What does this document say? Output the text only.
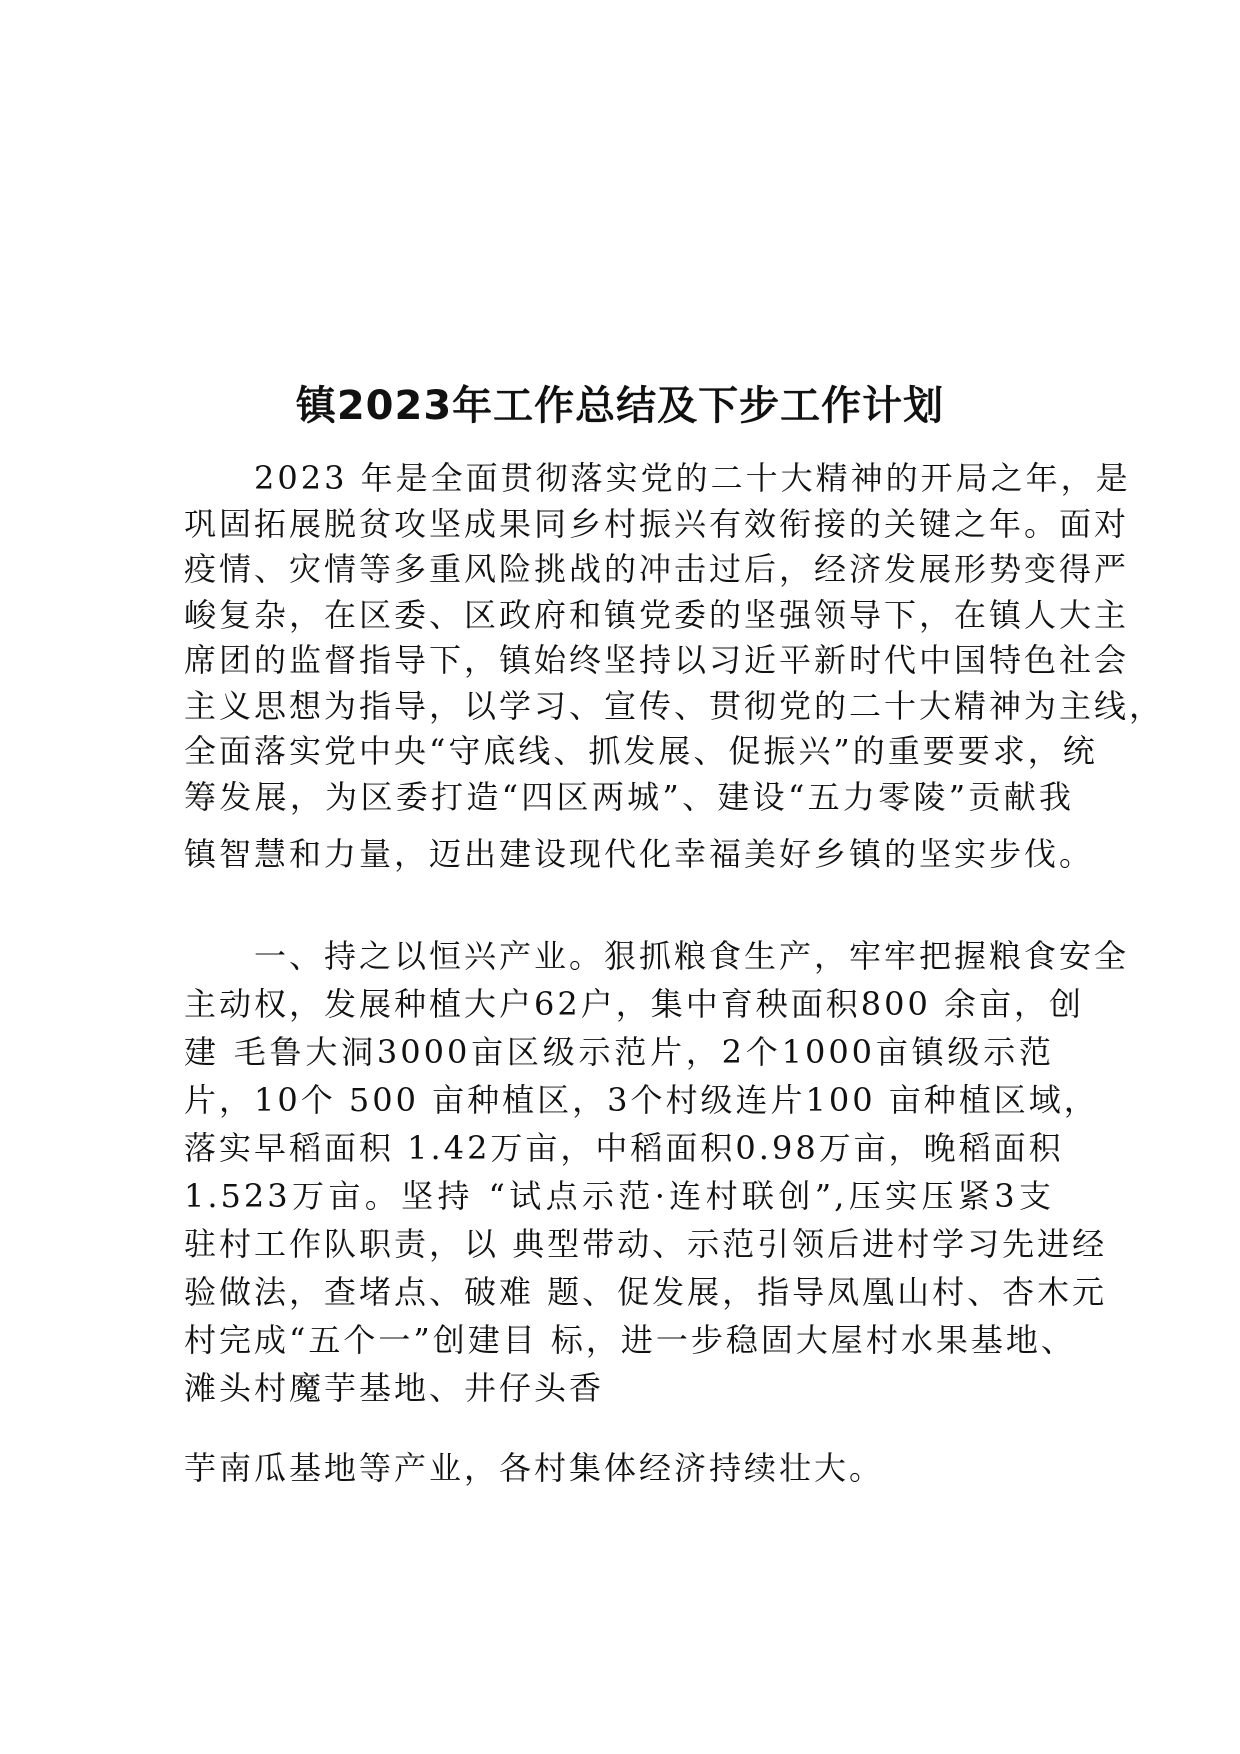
镇2023年工作总结及下步工作计划

　　2023 年是全面贯彻落实党的二十大精神的开局之年，是
巩固拓展脱贫攻坚成果同乡村振兴有效衔接的关键之年。面对
疫情、灾情等多重风险挑战的冲击过后，经济发展形势变得严
峻复杂，在区委、区政府和镇党委的坚强领导下，在镇人大主
席团的监督指导下，镇始终坚持以习近平新时代中国特色社会
主义思想为指导，以学习、宣传、贯彻党的二十大精神为主线，
全面落实党中央“守底线、抓发展、促振兴”的重要要求，统
筹发展，为区委打造“四区两城”、建设“五力零陵”贡献我

镇智慧和力量，迈出建设现代化幸福美好乡镇的坚实步伐。

　　一、持之以恒兴产业。狠抓粮食生产，牢牢把握粮食安全
主动权，发展种植大户62户，集中育秧面积800 余亩，创
建 毛鲁大洞3000亩区级示范片，2个1000亩镇级示范
片，10个 500 亩种植区，3个村级连片100 亩种植区域，
落实早稻面积 1.42万亩，中稻面积0.98万亩，晚稻面积
1.523万亩。坚持 “试点示范·连村联创”,压实压紧3支
驻村工作队职责，以 典型带动、示范引领后进村学习先进经
验做法，查堵点、破难 题、促发展，指导凤凰山村、杏木元
村完成“五个一”创建目 标，进一步稳固大屋村水果基地、
滩头村魔芋基地、井仔头香

芋南瓜基地等产业，各村集体经济持续壮大。
